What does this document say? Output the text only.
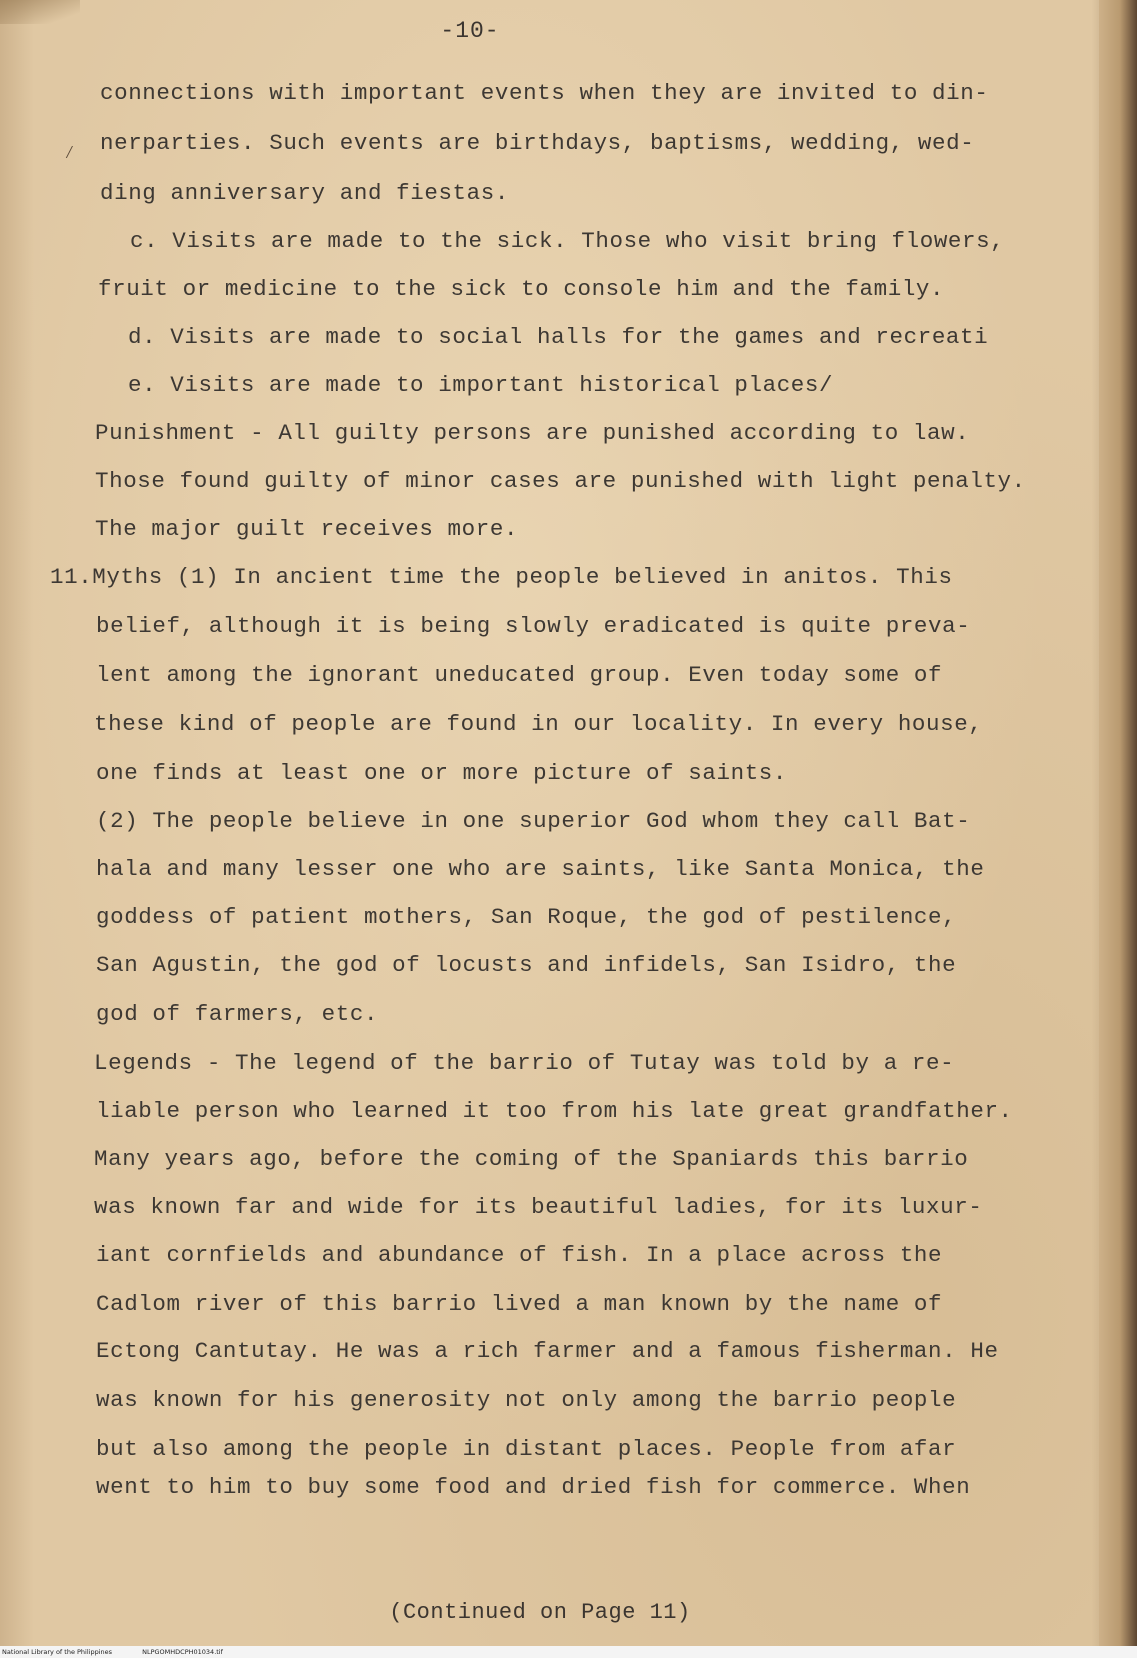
-10-
connections with important events when they are invited to din-
nerparties. Such events are birthdays, baptisms, wedding, wed-
ding anniversary and fiestas.
c. Visits are made to the sick. Those who visit bring flowers,
fruit or medicine to the sick to console him and the family.
d. Visits are made to social halls for the games and recreati
e. Visits are made to important historical places/
Punishment - All guilty persons are punished according to law.
Those found guilty of minor cases are punished with light penalty.
The major guilt receives more.
11.Myths (1) In ancient time the people believed in anitos. This
belief, although it is being slowly eradicated is quite preva-
lent among the ignorant uneducated group. Even today some of
these kind of people are found in our locality. In every house,
one finds at least one or more picture of saints.
(2) The people believe in one superior God whom they call Bat-
hala and many lesser one who are saints, like Santa Monica, the
goddess of patient mothers, San Roque, the god of pestilence,
San Agustin, the god of locusts and infidels, San Isidro, the
god of farmers, etc.
Legends - The legend of the barrio of Tutay was told by a re-
liable person who learned it too from his late great grandfather.
Many years ago, before the coming of the Spaniards this barrio
was known far and wide for its beautiful ladies, for its luxur-
iant cornfields and abundance of fish. In a place across the
Cadlom river of this barrio lived a man known by the name of
Ectong Cantutay. He was a rich farmer and a famous fisherman. He
was known for his generosity not only among the barrio people
but also among the people in distant places. People from afar
went to him to buy some food and dried fish for commerce. When
⁄
(Continued on Page 11)
National Library of the Philippines	NLPGOMHDCPH01034.tif
